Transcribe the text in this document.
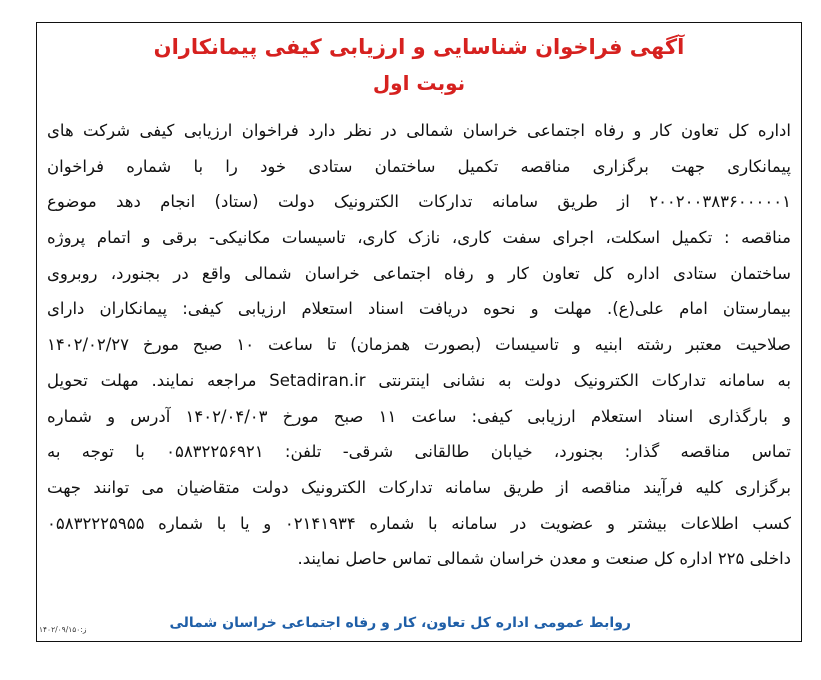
آگهی فراخوان شناسایی و ارزیابی کیفی پیمانکاران
نوبت اول
اداره کل تعاون کار و رفاه اجتماعی خراسان شمالی در نظر دارد فراخوان ارزیابی کیفی شرکت های
پیمانکاری جهت برگزاری مناقصه تکمیل ساختمان ستادی خود را با شماره فراخوان
۲۰۰۲۰۰۳۸۳۶۰۰۰۰۰۱ از طریق سامانه تدارکات الکترونیک دولت (ستاد) انجام دهد موضوع
مناقصه : تکمیل اسکلت، اجرای سفت کاری، نازک کاری، تاسیسات مکانیکی- برقی و اتمام پروژه
ساختمان ستادی اداره کل تعاون کار و رفاه اجتماعی خراسان شمالی واقع در بجنورد، روبروی
بیمارستان امام علی(ع). مهلت و نحوه دریافت اسناد استعلام ارزیابی کیفی: پیمانکاران دارای
صلاحیت معتبر رشته ابنیه و تاسیسات (بصورت همزمان) تا ساعت ۱۰ صبح مورخ ۱۴۰۲/۰۲/۲۷
به سامانه تدارکات الکترونیک دولت به نشانی اینترنتی Setadiran.ir مراجعه نمایند. مهلت تحویل
و بارگذاری اسناد استعلام ارزیابی کیفی: ساعت ۱۱ صبح مورخ ۱۴۰۲/۰۴/۰۳ آدرس و شماره
تماس مناقصه گذار: بجنورد، خیابان طالقانی شرقی- تلفن: ۰۵۸۳۲۲۵۶۹۲۱ با توجه به
برگزاری کلیه فرآیند مناقصه از طریق سامانه تدارکات الکترونیک دولت متقاضیان می توانند جهت
کسب اطلاعات بیشتر و عضویت در سامانه با شماره ۰۲۱۴۱۹۳۴ و یا با شماره ۰۵۸۳۲۲۲۵۹۵۵
داخلی ۲۲۵ اداره کل صنعت و معدن خراسان شمالی تماس حاصل نمایند.
روابط عمومی اداره کل تعاون، کار و رفاه اجتماعی خراسان شمالی
ز:۱۴۰۲/۰۹/۱۵۰
